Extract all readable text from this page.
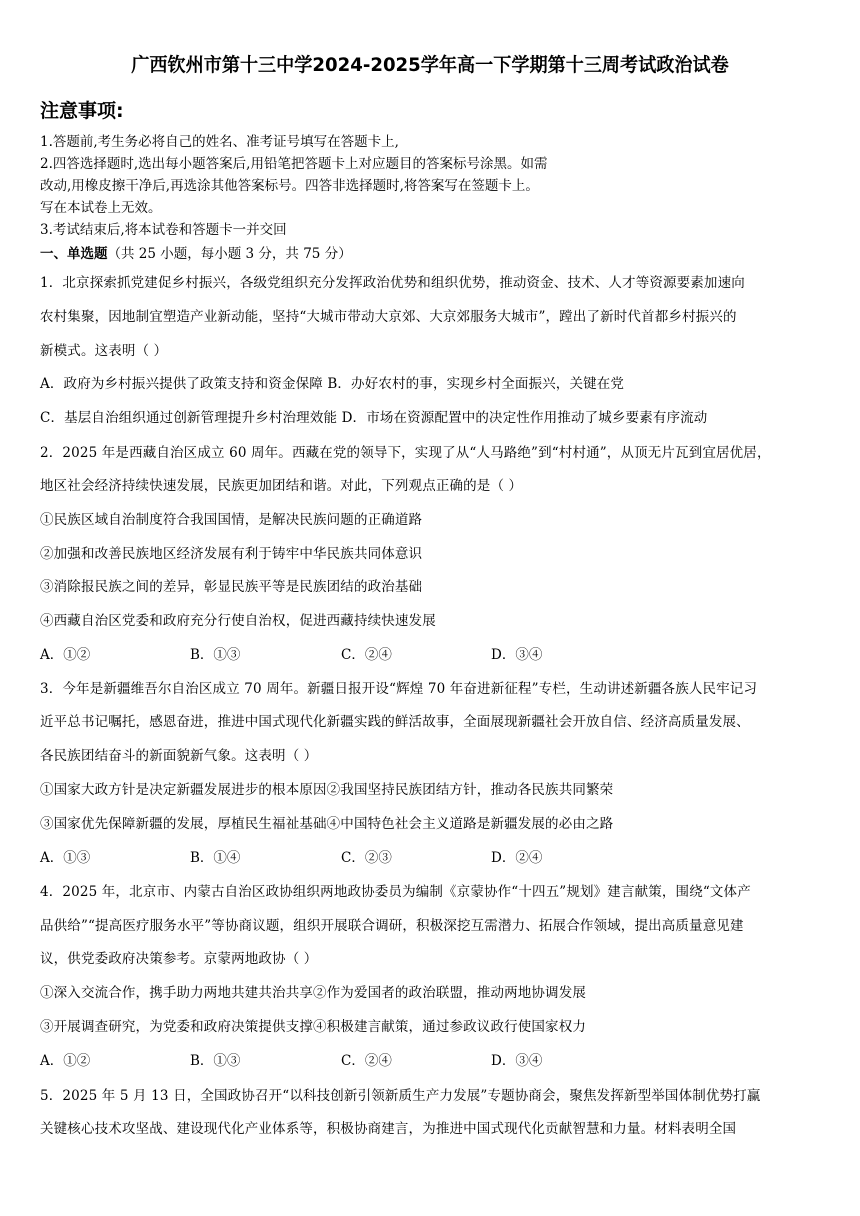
广西钦州市第十三中学2024-2025学年高一下学期第十三周考试政治试卷
注意事项:
1.答题前,考生务必将自己的姓名、准考证号填写在答题卡上,
2.四答选择题时,选出每小题答案后,用铅笔把答题卡上对应题目的答案标号涂黑。如需
改动,用橡皮擦干净后,再选涂其他答案标号。四答非选择题时,将答案写在签题卡上。
写在本试卷上无效。
3.考试结束后,将本试卷和答题卡一并交回
一、单选题（共 25 小题，每小题 3 分，共 75 分）
1．北京探索抓党建促乡村振兴，各级党组织充分发挥政治优势和组织优势，推动资金、技术、人才等资源要素加速向
农村集聚，因地制宜塑造产业新动能，坚持“大城市带动大京郊、大京郊服务大城市”，蹚出了新时代首都乡村振兴的
新模式。这表明（ ）
A．政府为乡村振兴提供了政策支持和资金保障 B．办好农村的事，实现乡村全面振兴，关键在党
C．基层自治组织通过创新管理提升乡村治理效能 D．市场在资源配置中的决定性作用推动了城乡要素有序流动
2．2025 年是西藏自治区成立 60 周年。西藏在党的领导下，实现了从“人马路绝”到“村村通”，从顶无片瓦到宜居优居，
地区社会经济持续快速发展，民族更加团结和谐。对此，下列观点正确的是（ ）
①民族区域自治制度符合我国国情，是解决民族问题的正确道路
②加强和改善民族地区经济发展有利于铸牢中华民族共同体意识
③消除报民族之间的差异，彰显民族平等是民族团结的政治基础
④西藏自治区党委和政府充分行使自治权，促进西藏持续快速发展
A．①②	B．①③	C．②④	D．③④
3．今年是新疆维吾尔自治区成立 70 周年。新疆日报开设“辉煌 70 年奋进新征程”专栏，生动讲述新疆各族人民牢记习
近平总书记嘱托，感恩奋进，推进中国式现代化新疆实践的鲜活故事，全面展现新疆社会开放自信、经济高质量发展、
各民族团结奋斗的新面貌新气象。这表明（ ）
①国家大政方针是决定新疆发展进步的根本原因②我国坚持民族团结方针，推动各民族共同繁荣
③国家优先保障新疆的发展，厚植民生福祉基础④中国特色社会主义道路是新疆发展的必由之路
A．①③	B．①④	C．②③	D．②④
4．2025 年，北京市、内蒙古自治区政协组织两地政协委员为编制《京蒙协作“十四五”规划》建言献策，围绕“文体产
品供给”“提高医疗服务水平”等协商议题，组织开展联合调研，积极深挖互需潜力、拓展合作领域，提出高质量意见建
议，供党委政府决策参考。京蒙两地政协（ ）
①深入交流合作，携手助力两地共建共治共享②作为爱国者的政治联盟，推动两地协调发展
③开展调查研究，为党委和政府决策提供支撑④积极建言献策，通过参政议政行使国家权力
A．①②	B．①③	C．②④	D．③④
5．2025 年 5 月 13 日，全国政协召开“以科技创新引领新质生产力发展”专题协商会，聚焦发挥新型举国体制优势打赢
关键核心技术攻坚战、建设现代化产业体系等，积极协商建言，为推进中国式现代化贡献智慧和力量。材料表明全国
